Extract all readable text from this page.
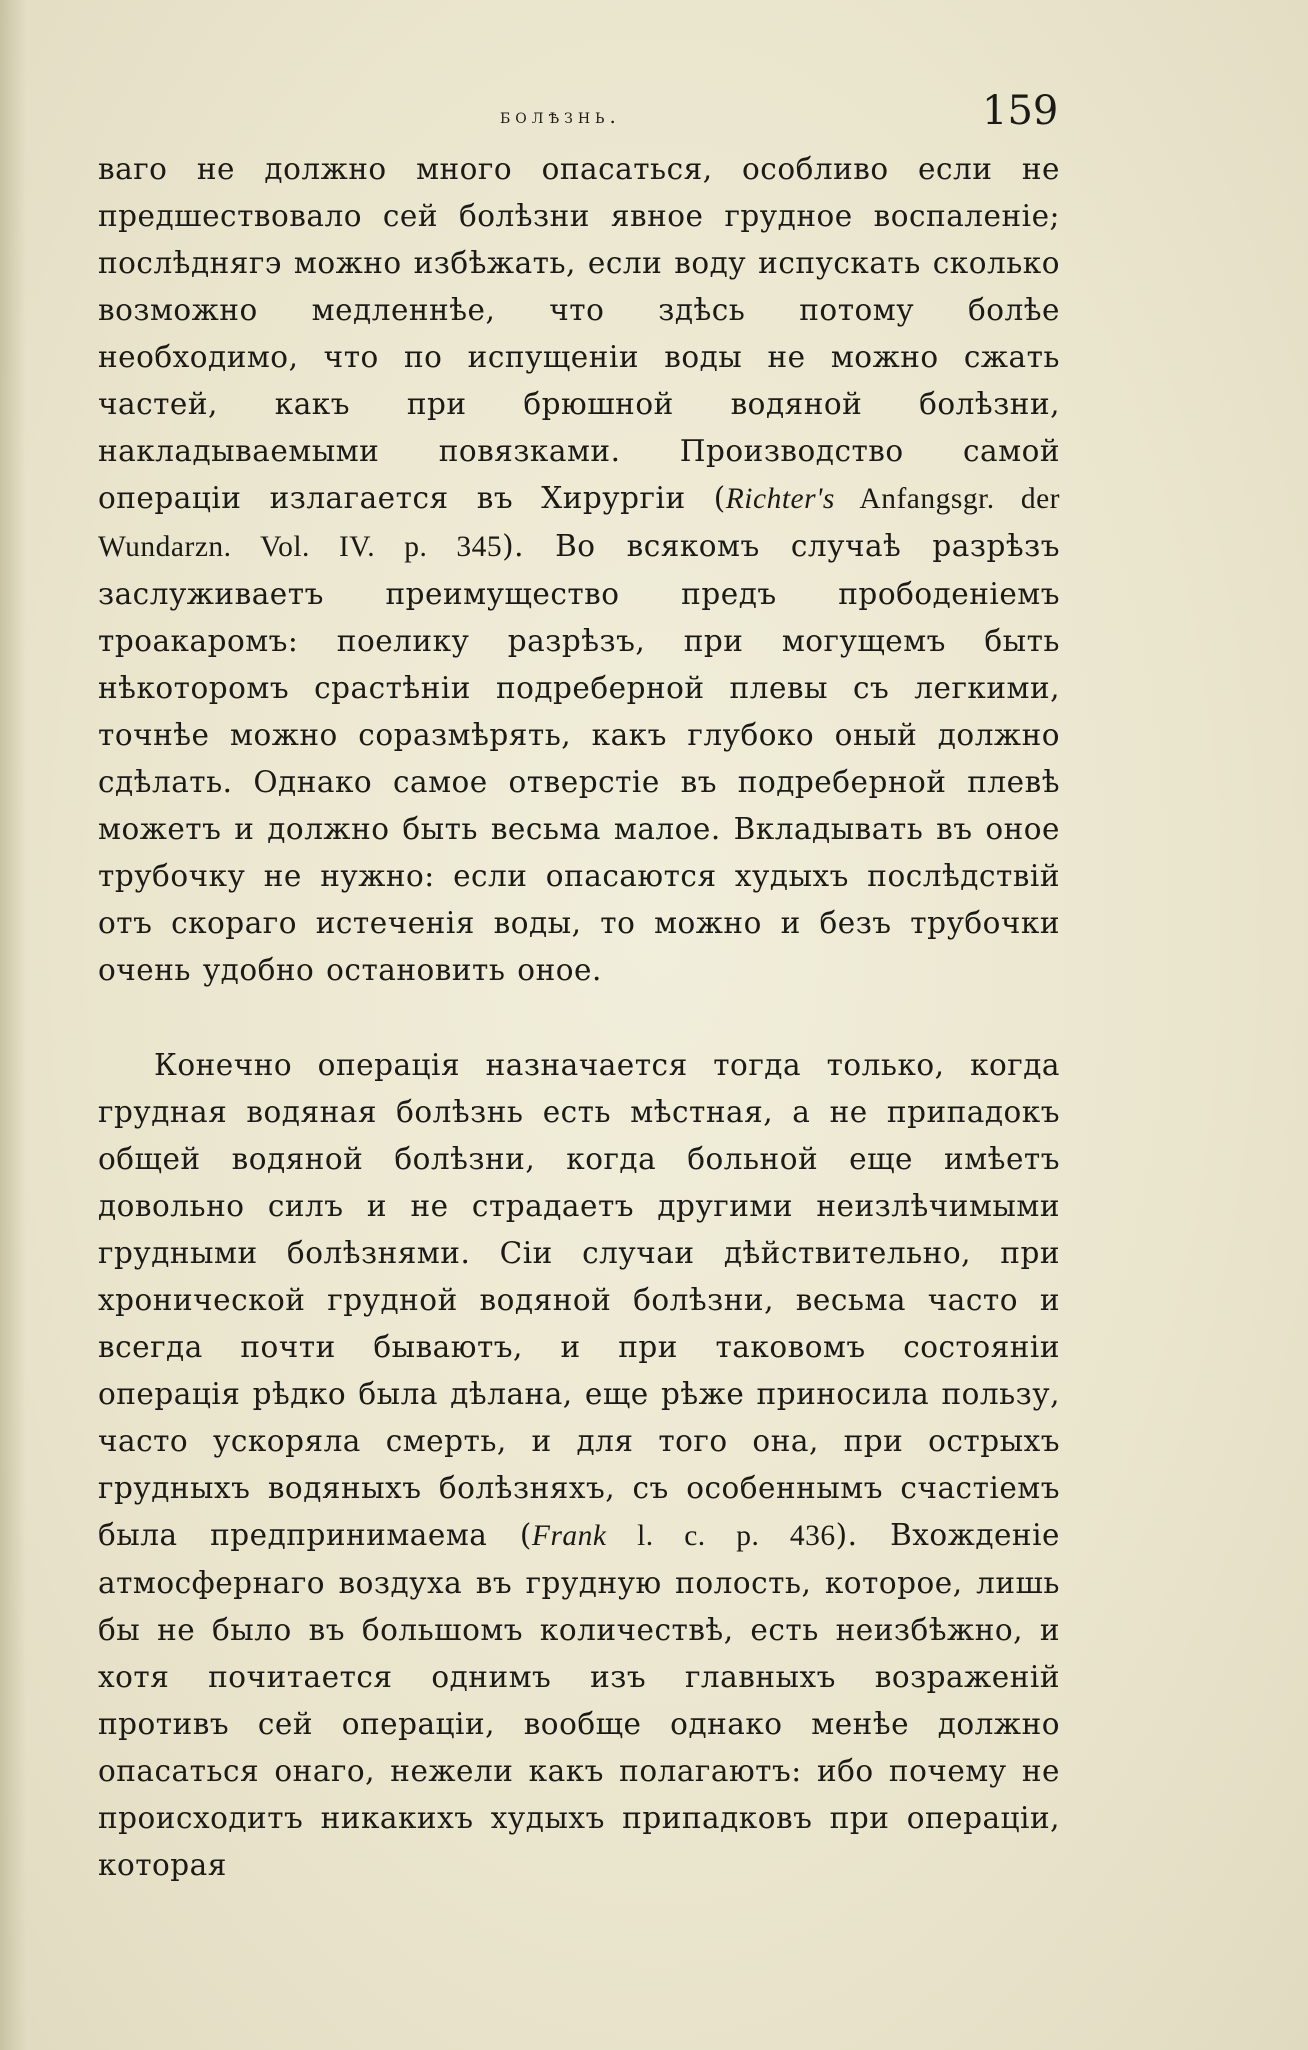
болѣзнь.	159

ваго не должно много опасаться, особливо если не предшествовало сей болѣзни явное грудное воспаленіе; послѣднягэ можно избѣжать, если воду испускать сколько возможно медленнѣе, что здѣсь потому болѣе необходимо, что по испущеніи воды не можно сжать частей, какъ при брюшной водяной болѣзни, накладываемыми повязками. Производство самой операціи излагается въ Хирургіи (Richter's Anfangsgr. der Wundarzn. Vol. IV. p. 345). Во всякомъ случаѣ разрѣзъ заслуживаетъ преимущество предъ прободеніемъ троакаромъ: поелику разрѣзъ, при могущемъ быть нѣкоторомъ срастѣніи подреберной плевы съ легкими, точнѣе можно соразмѣрять, какъ глубоко оный должно сдѣлать. Однако самое отверстіе въ подреберной плевѣ можетъ и должно быть весьма малое. Вкладывать въ оное трубочку не нужно: если опасаются худыхъ послѣдствій отъ скораго истеченія воды, то можно и безъ трубочки очень удобно остановить оное.

Конечно операція назначается тогда только, когда грудная водяная болѣзнь есть мѣстная, а не припадокъ общей водяной болѣзни, когда больной еще имѣетъ довольно силъ и не страдаетъ другими неизлѣчимыми грудными болѣзнями. Сіи случаи дѣйствительно, при хронической грудной водяной болѣзни, весьма часто и всегда почти бываютъ, и при таковомъ состояніи операція рѣдко была дѣлана, еще рѣже приносила пользу, часто ускоряла смерть, и для того она, при острыхъ грудныхъ водяныхъ болѣзняхъ, съ особеннымъ счастіемъ была предпринимаема (Frank l. c. p. 436). Вхожденіе атмосфернаго воздуха въ грудную полость, которое, лишь бы не было въ большомъ количествѣ, есть неизбѣжно, и хотя почитается однимъ изъ главныхъ возраженій противъ сей операціи, вообще однако менѣе должно опасаться онаго, нежели какъ полагаютъ: ибо почему не происходитъ никакихъ худыхъ припадковъ при операціи, которая
